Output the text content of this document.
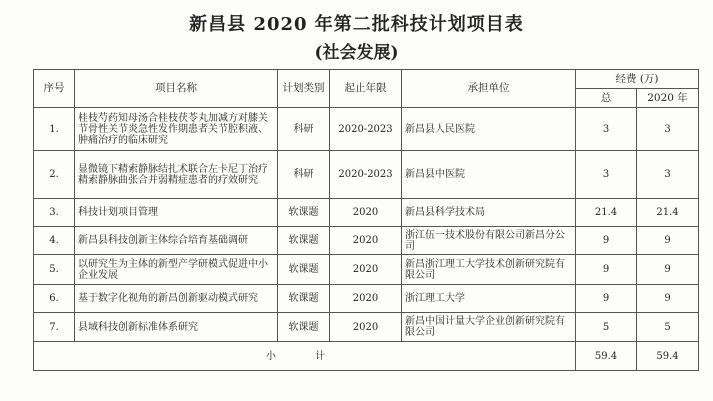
新昌县 2020 年第二批科技计划项目表
(社会发展)
序号	项目名称	计划类别	起止年限	承担单位	经费 (万)	
					总	2020 年
1.	桂枝芍药知母汤合桂枝茯苓丸加减方对膝关节骨性关节炎急性发作期患者关节腔积液、肿痛治疗的临床研究	科研	2020-2023	新昌县人民医院	3	3
2.	显微镜下精索静脉结扎术联合左卡尼丁治疗精索静脉曲张合并弱精症患者的疗效研究	科研	2020-2023	新昌县中医院	3	3
3.	科技计划项目管理	软课题	2020	新昌县科学技术局	21.4	21.4
4.	新昌县科技创新主体综合培育基础调研	软课题	2020	浙江伍一技术股份有限公司新昌分公司	9	9
5.	以研究生为主体的新型产学研模式促进中小企业发展	软课题	2020	新昌浙江理工大学技术创新研究院有限公司	9	9
6.	基于数字化视角的新昌创新驱动模式研究	软课题	2020	浙江理工大学	9	9
7.	县域科技创新标准体系研究	软课题	2020	新昌中国计量大学企业创新研究院有限公司	5	5
小 计					59.4	59.4
